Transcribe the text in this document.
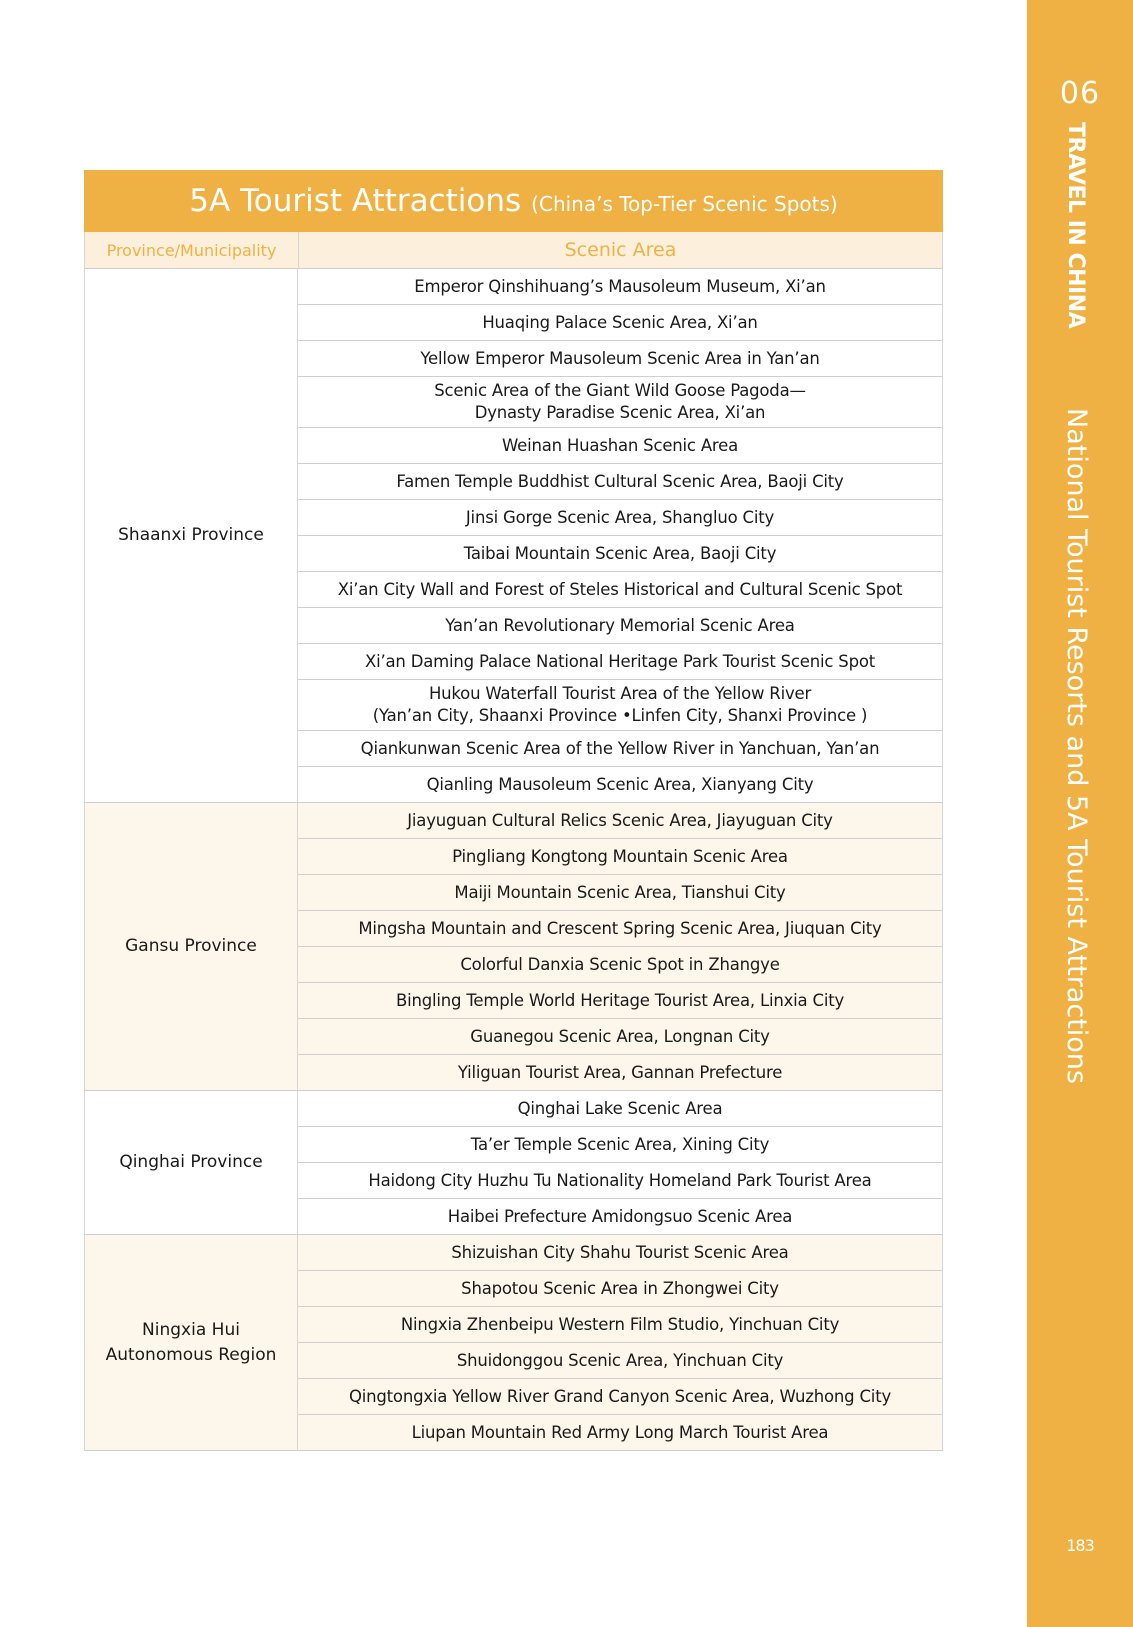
5A Tourist Attractions (China’s Top-Tier Scenic Spots)
Province/Municipality	Scenic Area
Shaanxi Province
Emperor Qinshihuang’s Mausoleum Museum, Xi’an
Huaqing Palace Scenic Area, Xi’an
Yellow Emperor Mausoleum Scenic Area in Yan’an
Scenic Area of the Giant Wild Goose Pagoda—
Dynasty Paradise Scenic Area, Xi’an
Weinan Huashan Scenic Area
Famen Temple Buddhist Cultural Scenic Area, Baoji City
Jinsi Gorge Scenic Area, Shangluo City
Taibai Mountain Scenic Area, Baoji City
Xi’an City Wall and Forest of Steles Historical and Cultural Scenic Spot
Yan’an Revolutionary Memorial Scenic Area
Xi’an Daming Palace National Heritage Park Tourist Scenic Spot
Hukou Waterfall Tourist Area of the Yellow River
(Yan’an City, Shaanxi Province •Linfen City, Shanxi Province )
Qiankunwan Scenic Area of the Yellow River in Yanchuan, Yan’an
Qianling Mausoleum Scenic Area, Xianyang City
Gansu Province
Jiayuguan Cultural Relics Scenic Area, Jiayuguan City
Pingliang Kongtong Mountain Scenic Area
Maiji Mountain Scenic Area, Tianshui City
Mingsha Mountain and Crescent Spring Scenic Area, Jiuquan City
Colorful Danxia Scenic Spot in Zhangye
Bingling Temple World Heritage Tourist Area, Linxia City
Guanegou Scenic Area, Longnan City
Yiliguan Tourist Area, Gannan Prefecture
Qinghai Province
Qinghai Lake Scenic Area
Ta’er Temple Scenic Area, Xining City
Haidong City Huzhu Tu Nationality Homeland Park Tourist Area
Haibei Prefecture Amidongsuo Scenic Area
Ningxia Hui
Autonomous Region
Shizuishan City Shahu Tourist Scenic Area
Shapotou Scenic Area in Zhongwei City
Ningxia Zhenbeipu Western Film Studio, Yinchuan City
Shuidonggou Scenic Area, Yinchuan City
Qingtongxia Yellow River Grand Canyon Scenic Area, Wuzhong City
Liupan Mountain Red Army Long March Tourist Area
06
TRAVEL IN CHINA
National Tourist Resorts and 5A Tourist Attractions
183
